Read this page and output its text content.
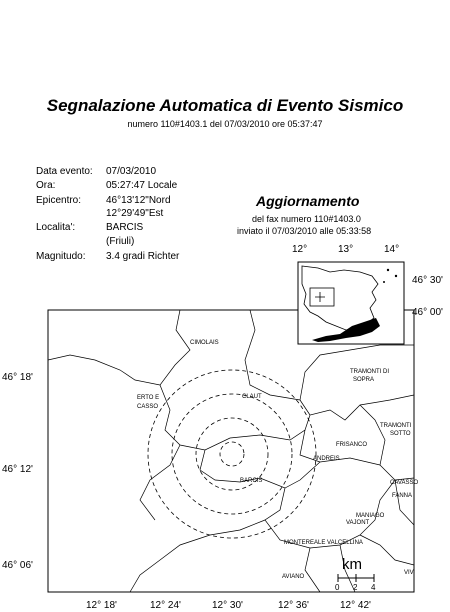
Segnalazione Automatica di Evento Sismico
numero 110#1403.1 del 07/03/2010 ore 05:37:47
Data evento: 07/03/2010
Ora:	05:27:47 Locale
Epicentro: 46°13'12"Nord
12°29'49"Est
Localita':	BARCIS
(Friuli)
Magnitudo: 3.4 gradi Richter
Aggiornamento
del fax numero 110#1403.0
inviato il 07/03/2010 alle 05:33:58
46° 18'
46° 12'
46° 06'
12° 18'	12° 24'	12° 30'	12° 36'	12° 42'
CIMOLAIS
TRAMONTI DI
SOPRA
ERTO E
CASSO
CLAUT
TRAMONTI
SOTTO
FRISANCO
ANDREIS
BARCIS	CAVASSO
FANNA
MANIAGO
VAJONT
MONTEREALE VALCELLINA
AVIANO
VIV
km
0 2 4
12°	13°	14°
46° 30'
46° 00'
